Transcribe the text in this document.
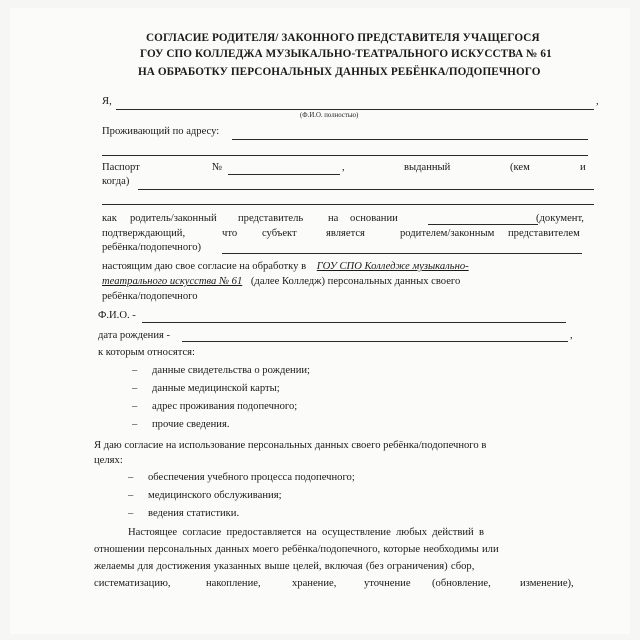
СОГЛАСИЕ РОДИТЕЛЯ/ ЗАКОННОГО ПРЕДСТАВИТЕЛЯ УЧАЩЕГОСЯ
ГОУ СПО КОЛЛЕДЖА МУЗЫКАЛЬНО-ТЕАТРАЛЬНОГО ИСКУССТВА № 61
НА ОБРАБОТКУ ПЕРСОНАЛЬНЫХ ДАННЫХ РЕБЁНКА/ПОДОПЕЧНОГО
Я,	,
(Ф.И.О. полностью)
Проживающий по адресу:
Паспорт	№	,	выданный	(кем	и
когда)
как родитель/законный представитель на основании	(документ,
подтверждающий,	что субъект	является	родителем/законным представителем
ребёнка/подопечного)
настоящим даю свое согласие на обработку в ГОУ СПО Колледже музыкально-
театрального искусства № 61 (далее Колледж) персональных данных своего
ребёнка/подопечного
Ф.И.О. -
дата рождения -	,
к которым относятся:
– данные свидетельства о рождении;
– данные медицинской карты;
– адрес проживания подопечного;
– прочие сведения.
Я даю согласие на использование персональных данных своего ребёнка/подопечного в
целях:
– обеспечения учебного процесса подопечного;
– медицинского обслуживания;
– ведения статистики.
Настоящее согласие предоставляется на осуществление любых действий в
отношении персональных данных моего ребёнка/подопечного, которые необходимы или
желаемы для достижения указанных выше целей, включая (без ограничения) сбор,
систематизацию,	накопление,	хранение,	уточнение (обновление,	изменение),
